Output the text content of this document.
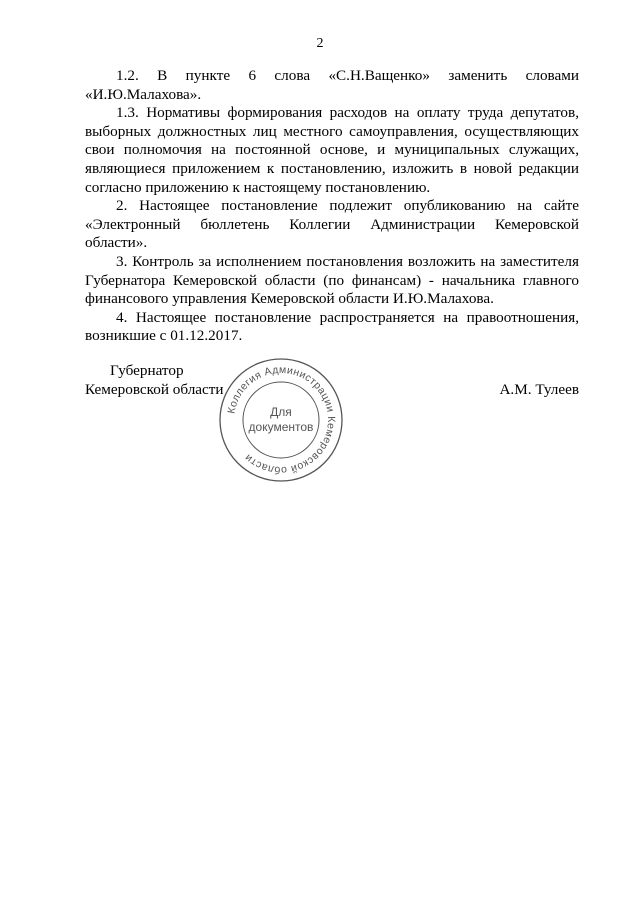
2

1.2. В пункте 6 слова «С.Н.Ващенко» заменить словами «И.Ю.Малахова».

1.3. Нормативы формирования расходов на оплату труда депутатов, выборных должностных лиц местного самоуправления, осуществляющих свои полномочия на постоянной основе, и муниципальных служащих, являющиеся приложением к постановлению, изложить в новой редакции согласно приложению к настоящему постановлению.

2. Настоящее постановление подлежит опубликованию на сайте «Электронный бюллетень Коллегии Администрации Кемеровской области».

3. Контроль за исполнением постановления возложить на заместителя Губернатора Кемеровской области (по финансам) - начальника главного финансового управления Кемеровской области И.Ю.Малахова.

4. Настоящее постановление распространяется на правоотношения, возникшие с 01.12.2017.

Губернатор
Кемеровской области	А.М. Тулеев
Коллегия Администрации Кемеровской области
Для
документов
